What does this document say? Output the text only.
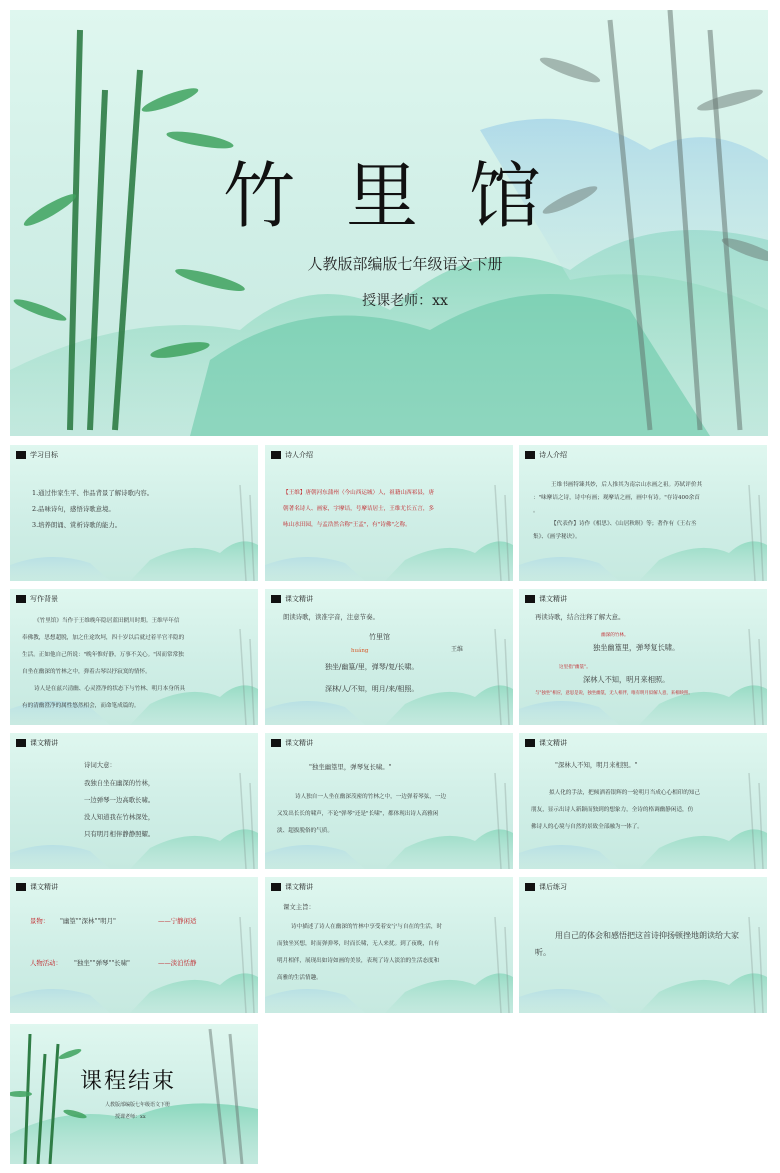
竹 里 馆
人教版部编版七年级语文下册
授课老师：xx
学习目标
1.通过作家生平、作品背景了解诗歌内容。
2.品味诗句，感悟诗歌意境。
3.培养朗诵、赏析诗歌的能力。
诗人介绍
【王维】唐朝河东蒲州（今山西运城）人，祖籍山西祁县，唐
朝著名诗人、画家，字摩诘，号摩诘居士，王维尤长五言，多
咏山水田园，与孟浩然合称"王孟"，有"诗佛"之称。
诗人介绍
王维书画特臻其妙，后人推其为南宗山水画之祖。苏轼评价其
："味摩诘之诗，诗中有画；观摩诘之画，画中有诗。"存诗400余首
。
【代表作】诗作《相思》、《山居秋暝》等；著作有《王右丞
集》、《画学秘诀》。
写作背景
《竹里馆》当作于王维晚年隐居蓝田辋川时期。王维早年信
奉佛教，思想超脱，加之仕途坎坷，四十岁以后就过着半官半隐的
生活。正如他自己所说："晚年惟好静，万事不关心。"因而常常独
自坐在幽深的竹林之中，弹着古琴以抒寂寞的情怀。
诗人是在兹兴清幽、心灵澄净的状态下与竹林、明月本身所具
有的清幽澄净的属性悠然相会，而命笔成篇的。
课文精讲
朗读诗歌，读准字音，注意节奏。
竹里馆
huáng	王维
独坐/幽篁/里，弹琴/复/长啸。
深林/人/不知，明月/来/相照。
课文精讲
再读诗歌，结合注释了解大意。
幽深的竹林。
独坐幽篁里，弹琴复长啸。
这里指"幽篁"。
深林人不知，明月来相照。
与"独坐"相应，意思是说，独坐幽篁，无人相伴，唯有明月似解人意，来相映照。
课文精讲
诗词大意：
我独自坐在幽深的竹林，
一边弹琴一边高歌长啸。
没人知道我在竹林深处，
只有明月相伴静静照耀。
课文精讲
"独坐幽篁里，弹琴复长啸。"
诗人独自一人坐在幽深茂密的竹林之中，一边弹着琴弦，一边
又发出长长的啸声，不论"弹琴"还是"长啸"，都体现出诗人高雅闲
淡、超拔脱俗的气质。
课文精讲
"深林人不知，明月来相照。"
拟人化的手法，把倾洒着银辉的一轮明月当成心心相印的知己
朋友，显示出诗人新颖而独到的想象力，全诗的格调幽静闲适，仿
佛诗人的心境与自然的景致全部融为一体了。
课文精讲
景物： "幽篁""深林""明月"	——宁静闲适
人物活动： "独坐""弹琴""长啸"	——淡泊恬静
课文精讲
课文主旨：
诗中描述了诗人在幽深的竹林中享受着安宁与自在的生活，时
而独坐冥想，时而弹弹琴，时而长啸，无人来扰。到了夜晚，自有
明月相伴，展现出如诗如画的美景，表现了诗人淡泊的生活态度和
高雅的生活情趣。
课后练习
用自己的体会和感悟把这首诗抑扬顿挫地朗读给大家
听。
课程结束
人教版部编版七年级语文下册
授课老师：xx
